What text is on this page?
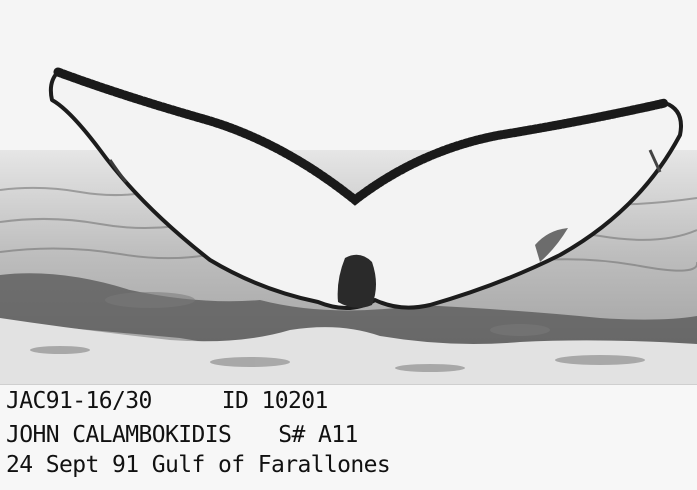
JAC91-16/30	ID 10201
JOHN CALAMBOKIDIS S# A11
24 Sept 91 Gulf of Farallones
